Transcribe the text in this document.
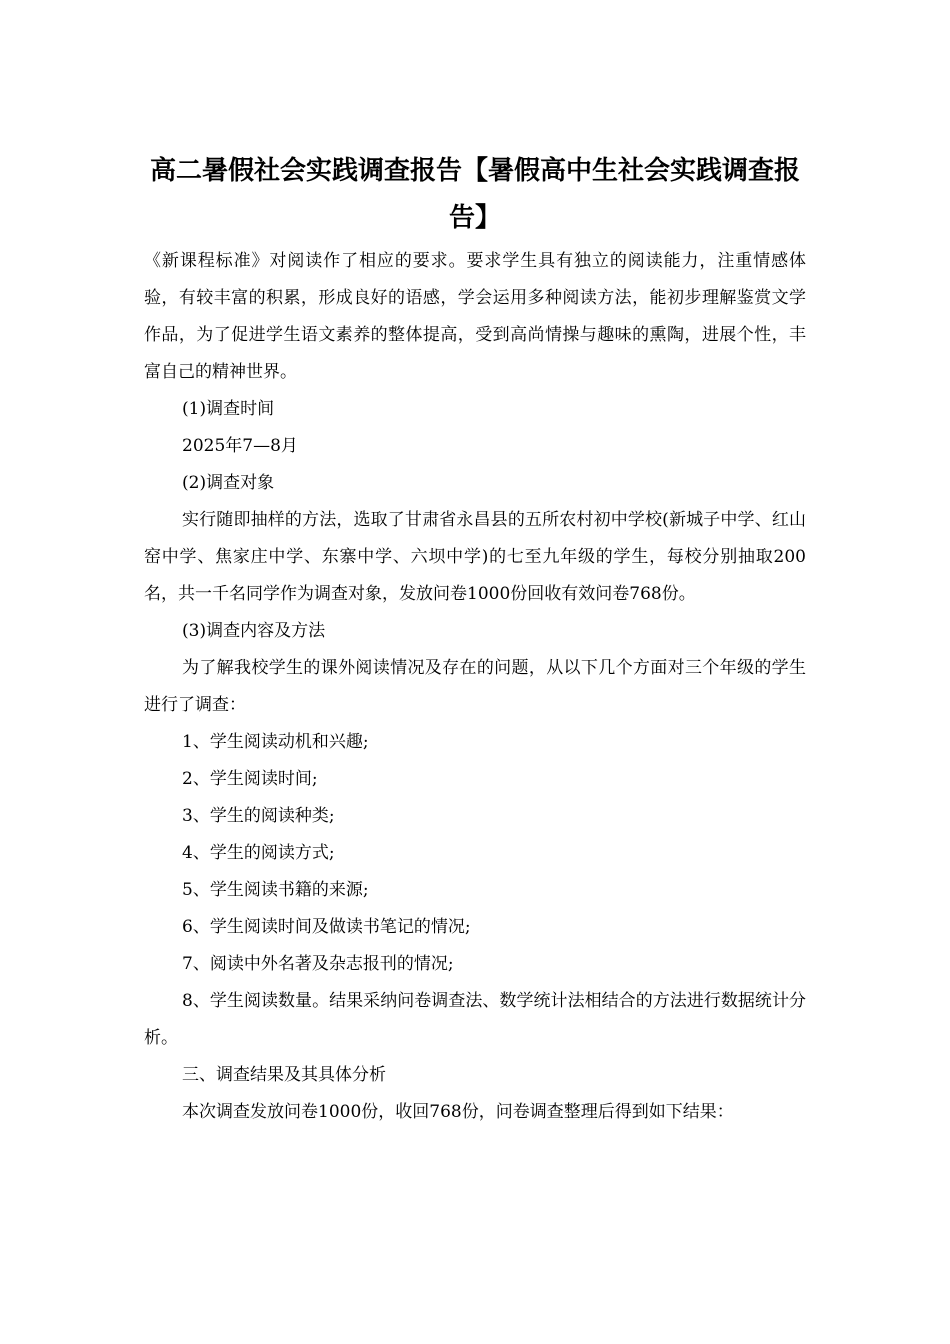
高二暑假社会实践调查报告【暑假高中生社会实践调查报告】

《新课程标准》对阅读作了相应的要求。要求学生具有独立的阅读能力，注重情感体验，有较丰富的积累，形成良好的语感，学会运用多种阅读方法，能初步理解鉴赏文学作品，为了促进学生语文素养的整体提高，受到高尚情操与趣味的熏陶，进展个性，丰富自己的精神世界。

(1)调查时间

2025年7—8月

(2)调查对象

实行随即抽样的方法，选取了甘肃省永昌县的五所农村初中学校(新城子中学、红山窑中学、焦家庄中学、东寨中学、六坝中学)的七至九年级的学生，每校分别抽取200名，共一千名同学作为调查对象，发放问卷1000份回收有效问卷768份。

(3)调查内容及方法

为了解我校学生的课外阅读情况及存在的问题，从以下几个方面对三个年级的学生进行了调查：

1、学生阅读动机和兴趣;

2、学生阅读时间;

3、学生的阅读种类;

4、学生的阅读方式;

5、学生阅读书籍的来源;

6、学生阅读时间及做读书笔记的情况;

7、阅读中外名著及杂志报刊的情况;

8、学生阅读数量。结果采纳问卷调查法、数学统计法相结合的方法进行数据统计分析。

三、调查结果及其具体分析

本次调查发放问卷1000份，收回768份，问卷调查整理后得到如下结果：
